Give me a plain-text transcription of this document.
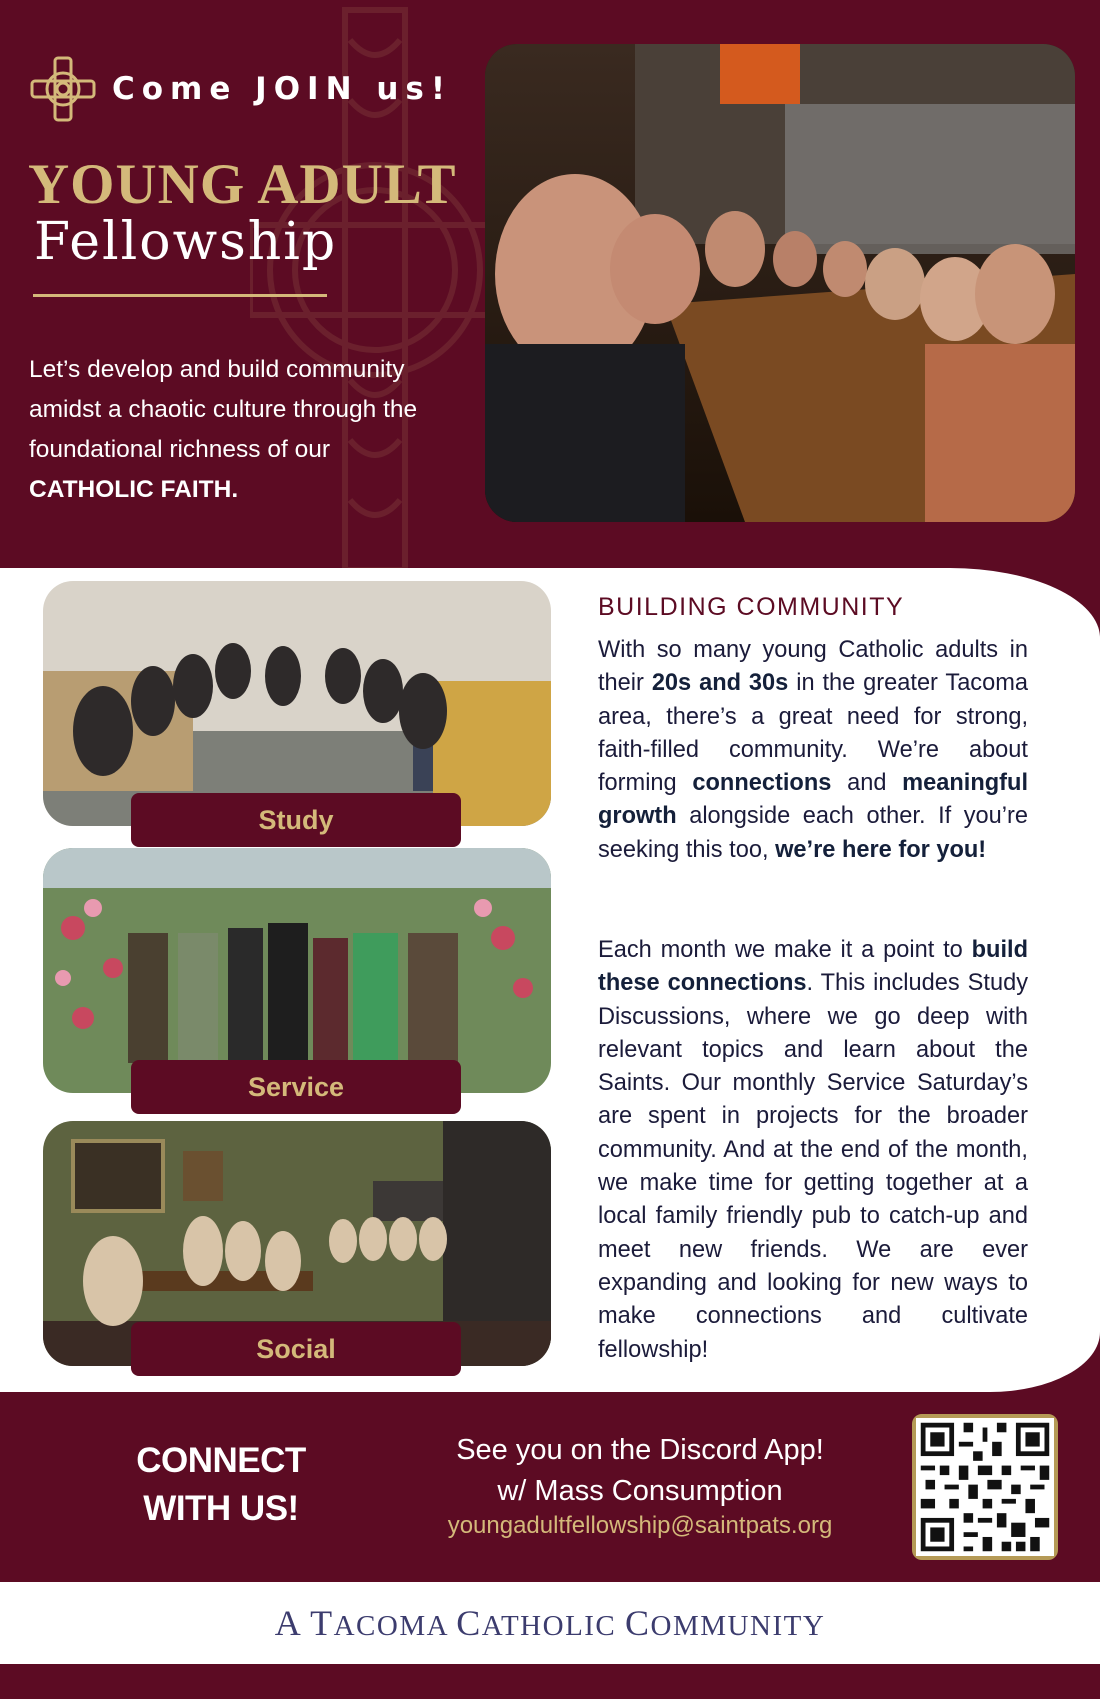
Come JOIN us!
YOUNG ADULT
Fellowship
Let’s develop and build community amidst a chaotic culture through the foundational richness of our
CATHOLIC FAITH.
Study
Service
Social
BUILDING COMMUNITY
With so many young Catholic adults in their 20s and 30s in the greater Tacoma area, there’s a great need for strong, faith-filled community. We’re about forming connections and meaningful growth alongside each other. If you’re seeking this too, we’re here for you!
Each month we make it a point to build these connections. This includes Study Discussions, where we go deep with relevant topics and learn about the Saints. Our monthly Service Saturday’s are spent in projects for the broader community. And at the end of the month, we make time for getting together at a local family friendly pub to catch-up and meet new friends. We are ever expanding and looking for new ways to make connections and cultivate fellowship!
CONNECT
WITH US!
See you on the Discord App!
w/ Mass Consumption
youngadultfellowship@saintpats.org
A TACOMA CATHOLIC COMMUNITY
